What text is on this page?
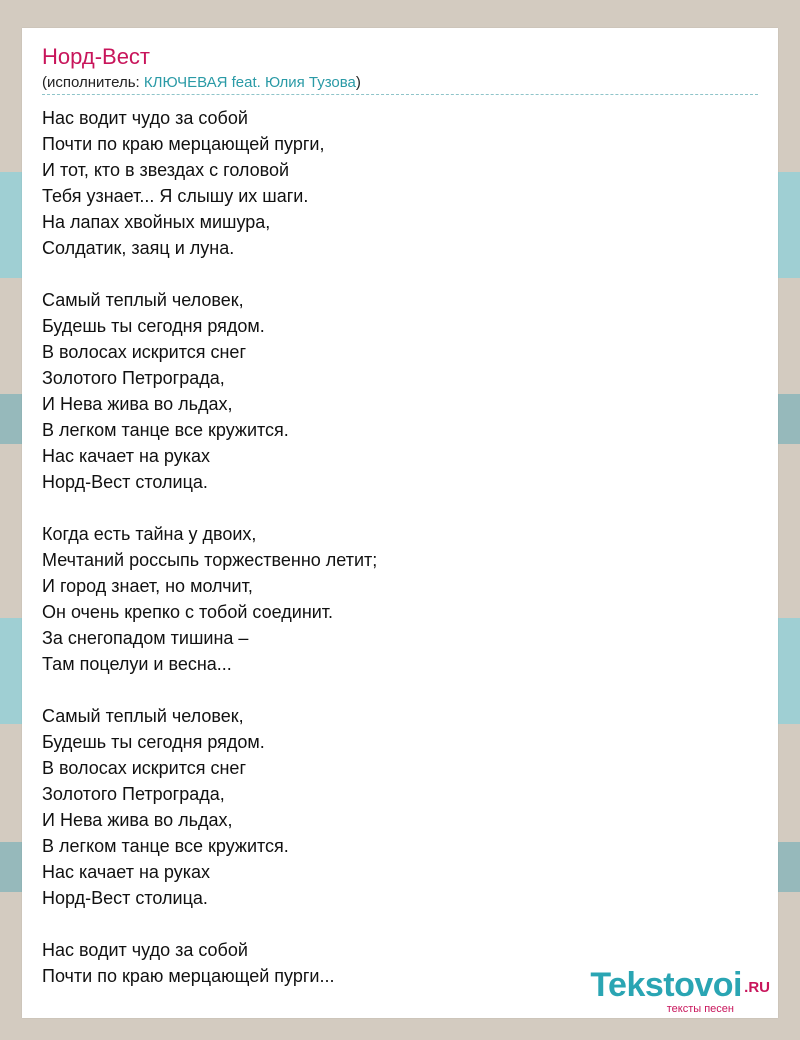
Норд-Вест
(исполнитель: КЛЮЧЕВАЯ feat. Юлия Тузова)
Нас водит чудо за собой
Почти по краю мерцающей пурги,
И тот, кто в звездах с головой
Тебя узнает... Я слышу их шаги.
На лапах хвойных мишура,
Солдатик, заяц и луна.
Самый теплый человек,
Будешь ты сегодня рядом.
В волосах искрится снег
Золотого Петрограда,
И Нева жива во льдах,
В легком танце все кружится.
Нас качает на руках
Норд-Вест столица.
Когда есть тайна у двоих,
Мечтаний россыпь торжественно летит;
И город знает, но молчит,
Он очень крепко с тобой соединит.
За снегопадом тишина –
Там поцелуи и весна...
Самый теплый человек,
Будешь ты сегодня рядом.
В волосах искрится снег
Золотого Петрограда,
И Нева жива во льдах,
В легком танце все кружится.
Нас качает на руках
Норд-Вест столица.
Нас водит чудо за собой
Почти по краю мерцающей пурги...	Tekstovoi .RU
тексты песен
